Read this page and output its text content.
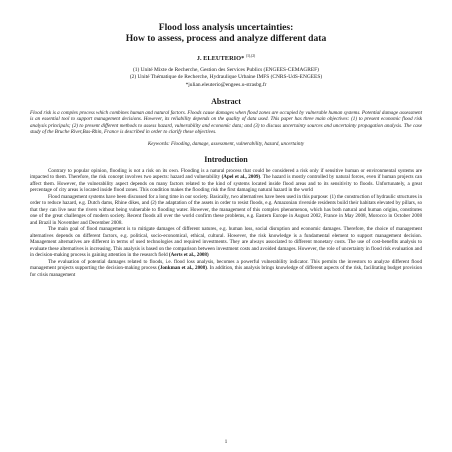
Flood loss analysis uncertainties:

How to assess, process and analyze different data

J. ELEUTERIO* $^{(1),(2)}$
(1) Unité Mixte de Recherche, Gestion des Services Publics (ENGEES-CEMAGREF)
(2) Unité Thématique de Recherche, Hydraulique Urbaine IMFS (CNRS-UdS-ENGEES)
*julian.eleuterio@engees.u-strasbg.fr
Abstract
Flood risk is a complex process which combines human and natural factors. Floods cause damages when flood zones are occupied by vulnerable human systems. Potential damage assessment is an essential tool to support management decisions. However, its reliability depends on the quality of data used. This paper has three main objectives: (1) to present economic flood risk analysis principals; (2) to present different methods to assess hazard, vulnerability and economic data; and (3) to discuss uncertainty sources and uncertainty propagation analysis. The case study of the Bruche River,Bas-Rhin, France is described in order to clarify these objectives.
Keywords: Flooding, damage, assessment, vulnerability, hazard, uncertainty
Introduction

Contrary to popular opinion, flooding is not a risk on its own. Flooding is a natural process that could be considered a risk only if sensitive human or environmental systems are impacted to them. Therefore, the risk concept involves two aspects: hazard and vulnerability (Apel et al., 2009). The hazard is mostly controlled by natural forces, even if human projects can affect them. However, the vulnerability aspect depends on many factors related to the kind of systems located inside flood areas and to its sensitivity to floods. Unfortunately, a great percentage of city areas is located inside flood zones. This condition makes the flooding risk the first damaging natural hazard in the world

Flood management systems have been discussed for a long time in our society. Basically, two alternatives have been used in this purpose: (1) the construction of hydraulic structures in order to reduce hazard, e.g. Dutch dams, Rhine dikes, and (2) the adaptation of the assets in order to resist floods, e.g. Amazonian riverside residents build their habitats elevated by pillars, so that they can live near the rivers without being vulnerable to flooding water. However, the management of this complex phenomenon, which has both natural and human origins, constitutes one of the great challenges of modern society. Recent floods all over the world confirm these problems, e.g. Eastern Europe in August 2002, France in May 2008, Morocco in October 2008 and Brazil in November and December 2008.

The main goal of flood management is to mitigate damages of different natures, e.g. human loss, social disruption and economic damages. Therefore, the choice of management alternatives depends on different factors, e.g. political, socio-economical, ethical, cultural. However, the risk knowledge is a fundamental element to support management decision. Management alternatives are different in terms of used technologies and required investments. They are always associated to different monetary costs. The use of cost-benefits analysis to evaluate these alternatives is increasing. This analysis is based on the comparison between investment costs and avoided damages. However, the role of uncertainty in flood risk evaluation and in decision-making process is gaining attention in the research field (Aerts et al., 2008)

The evaluation of potential damages related to floods, i.e. flood loss analysis, becomes a powerful vulnerability indicator. This permits the investors to analyze different flood management projects supporting the decision-making process (Jonkman et al., 2008). In addition, this analysis brings knowledge of different aspects of the risk, facilitating budget provision for crisis management

1
